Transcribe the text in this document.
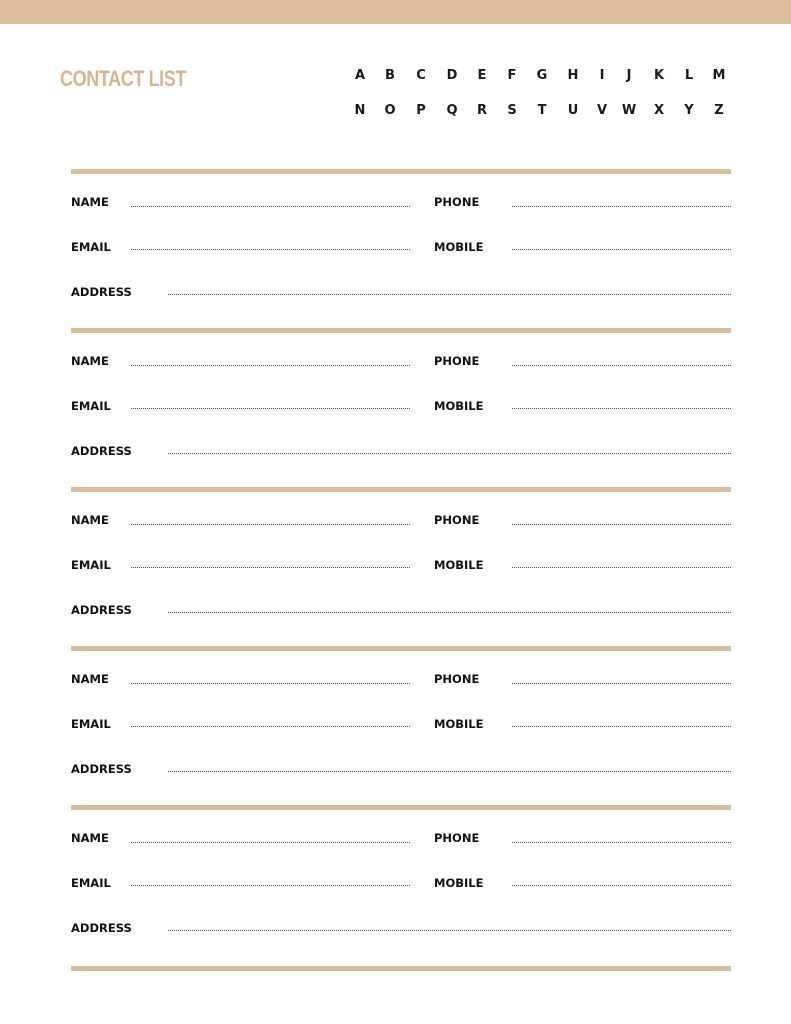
CONTACT LIST	A	B	C	D	E	F	G	H	I	J	K	L	M
N	O	P	Q	R	S	T	U	V	W	X	Y	Z
NAME	PHONE
EMAIL	MOBILE
ADDRESS
NAME	PHONE
EMAIL	MOBILE
ADDRESS
NAME	PHONE
EMAIL	MOBILE
ADDRESS
NAME	PHONE
EMAIL	MOBILE
ADDRESS
NAME	PHONE
EMAIL	MOBILE
ADDRESS
